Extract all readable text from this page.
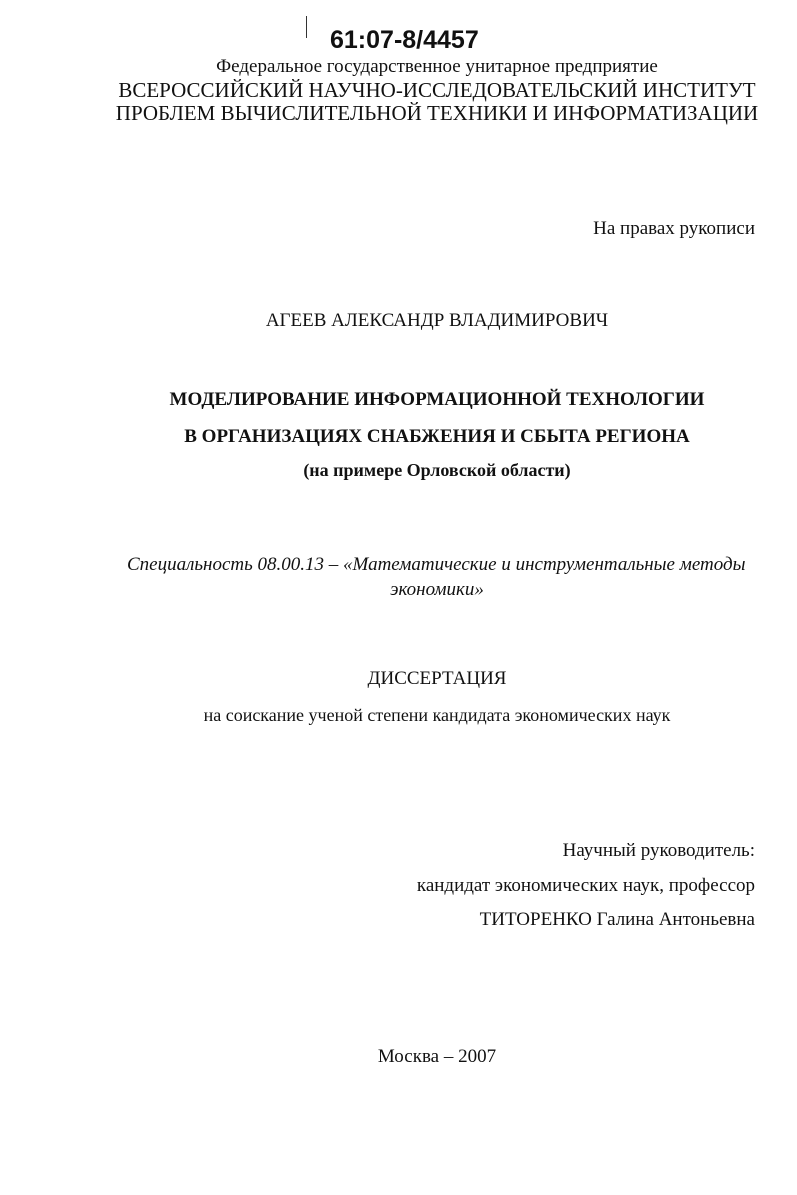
61:07-8/4457
Федеральное государственное унитарное предприятие
ВСЕРОССИЙСКИЙ НАУЧНО-ИССЛЕДОВАТЕЛЬСКИЙ ИНСТИТУТ
ПРОБЛЕМ ВЫЧИСЛИТЕЛЬНОЙ ТЕХНИКИ И ИНФОРМАТИЗАЦИИ
На правах рукописи
АГЕЕВ АЛЕКСАНДР ВЛАДИМИРОВИЧ
МОДЕЛИРОВАНИЕ ИНФОРМАЦИОННОЙ ТЕХНОЛОГИИ
В ОРГАНИЗАЦИЯХ СНАБЖЕНИЯ И СБЫТА РЕГИОНА
(на примере Орловской области)
Специальность 08.00.13 – «Математические и инструментальные методы
экономики»
ДИССЕРТАЦИЯ
на соискание ученой степени кандидата экономических наук
Научный руководитель:
кандидат экономических наук, профессор
ТИТОРЕНКО Галина Антоньевна
Москва – 2007
